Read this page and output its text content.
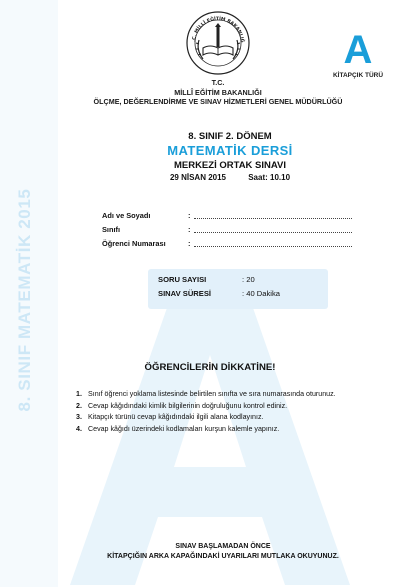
8. SINIF MATEMATİK 2015
.C. MİLLÎ EĞİTİM BAKANLIĞ
T.C.
MİLLÎ EĞİTİM BAKANLIĞI
ÖLÇME, DEĞERLENDİRME VE SINAV HİZMETLERİ GENEL MÜDÜRLÜĞÜ
A
KİTAPÇIK TÜRÜ
8. SINIF 2. DÖNEM
MATEMATİK DERSİ
MERKEZİ ORTAK SINAVI
29 NİSAN 2015	Saat: 10.10
Adı ve Soyadı	:
Sınıfı	:
Öğrenci Numarası	:
SORU SAYISI	: 20
SINAV SÜRESİ	: 40 Dakika
ÖĞRENCİLERİN DİKKATİNE!
1. Sınıf öğrenci yoklama listesinde belirtilen sınıfta ve sıra numarasında oturunuz.
2. Cevap kâğıdındaki kimlik bilgilerinin doğruluğunu kontrol ediniz.
3. Kitapçık türünü cevap kâğıdındaki ilgili alana kodlayınız.
4. Cevap kâğıdı üzerindeki kodlamaları kurşun kalemle yapınız.
SINAV BAŞLAMADAN ÖNCE
KİTAPÇIĞIN ARKA KAPAĞINDAKİ UYARILARI MUTLAKA OKUYUNUZ.
